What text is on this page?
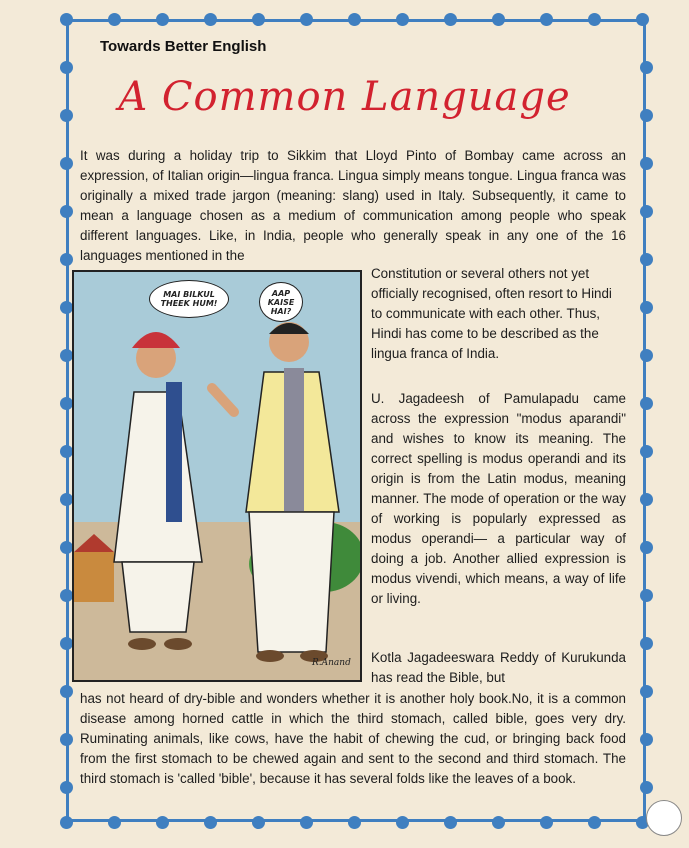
Towards Better English
A Common Language

It was during a holiday trip to Sikkim that Lloyd Pinto of Bombay came across an expression, of Italian origin—lingua franca. Lingua simply means tongue. Lingua franca was originally a mixed trade jargon (meaning: slang) used in Italy. Subsequently, it came to mean a language chosen as a medium of communication among people who speak different languages. Like, in India, people who generally speak in any one of the 16 languages mentioned in the

MAI BILKUL THEEK HUM!
AAP KAISE HAI?
R.Anand

Constitution or several others not yet officially recognised, often resort to Hindi to communicate with each other. Thus, Hindi has come to be described as the lingua franca of India.

U. Jagadeesh of Pamulapadu came across the expression "modus aparandi" and wishes to know its meaning. The correct spelling is modus operandi and its origin is from the Latin modus, meaning manner. The mode of operation or the way of working is popularly expressed as modus operandi— a particular way of doing a job. Another allied expression is modus vivendi, which means, a way of life or living.

Kotla Jagadeeswara Reddy of Kurukunda has read the Bible, but

has not heard of dry-bible and wonders whether it is another holy book.No, it is a common disease among horned cattle in which the third stomach, called bible, goes very dry. Ruminating animals, like cows, have the habit of chewing the cud, or bringing back food from the first stomach to be chewed again and sent to the second and third stomach. The third stomach is 'called 'bible', because it has several folds like the leaves of a book.
